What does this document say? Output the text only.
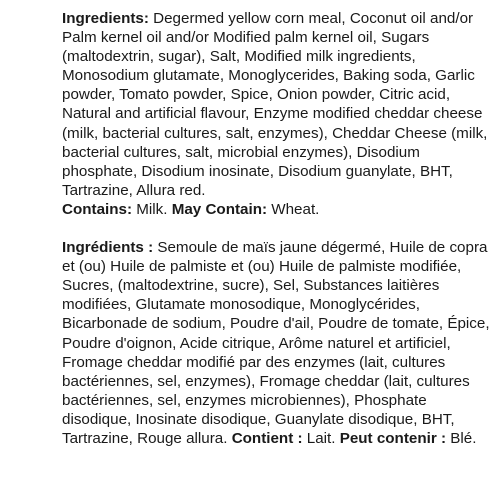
Ingredients: Degermed yellow corn meal, Coconut oil and/or Palm kernel oil and/or Modified palm kernel oil, Sugars (maltodextrin, sugar), Salt, Modified milk ingredients, Monosodium glutamate, Monoglycerides, Baking soda, Garlic powder, Tomato powder, Spice, Onion powder, Citric acid, Natural and artificial flavour, Enzyme modified cheddar cheese (milk, bacterial cultures, salt, enzymes), Cheddar Cheese (milk, bacterial cultures, salt, microbial enzymes), Disodium phosphate, Disodium inosinate, Disodium guanylate, BHT, Tartrazine, Allura red.

Contains: Milk. May Contain: Wheat.

Ingrédients : Semoule de maïs jaune dégermé, Huile de copra et (ou) Huile de palmiste et (ou) Huile de palmiste modifiée, Sucres, (maltodextrine, sucre), Sel, Substances laitières modifiées, Glutamate monosodique, Monoglycérides, Bicarbonade de sodium, Poudre d'ail, Poudre de tomate, Épice, Poudre d'oignon, Acide citrique, Arôme naturel et artificiel, Fromage cheddar modifié par des enzymes (lait, cultures bactériennes, sel, enzymes), Fromage cheddar (lait, cultures bactériennes, sel, enzymes microbiennes), Phosphate disodique, Inosinate disodique, Guanylate disodique, BHT, Tartrazine, Rouge allura. Contient : Lait. Peut contenir : Blé.
